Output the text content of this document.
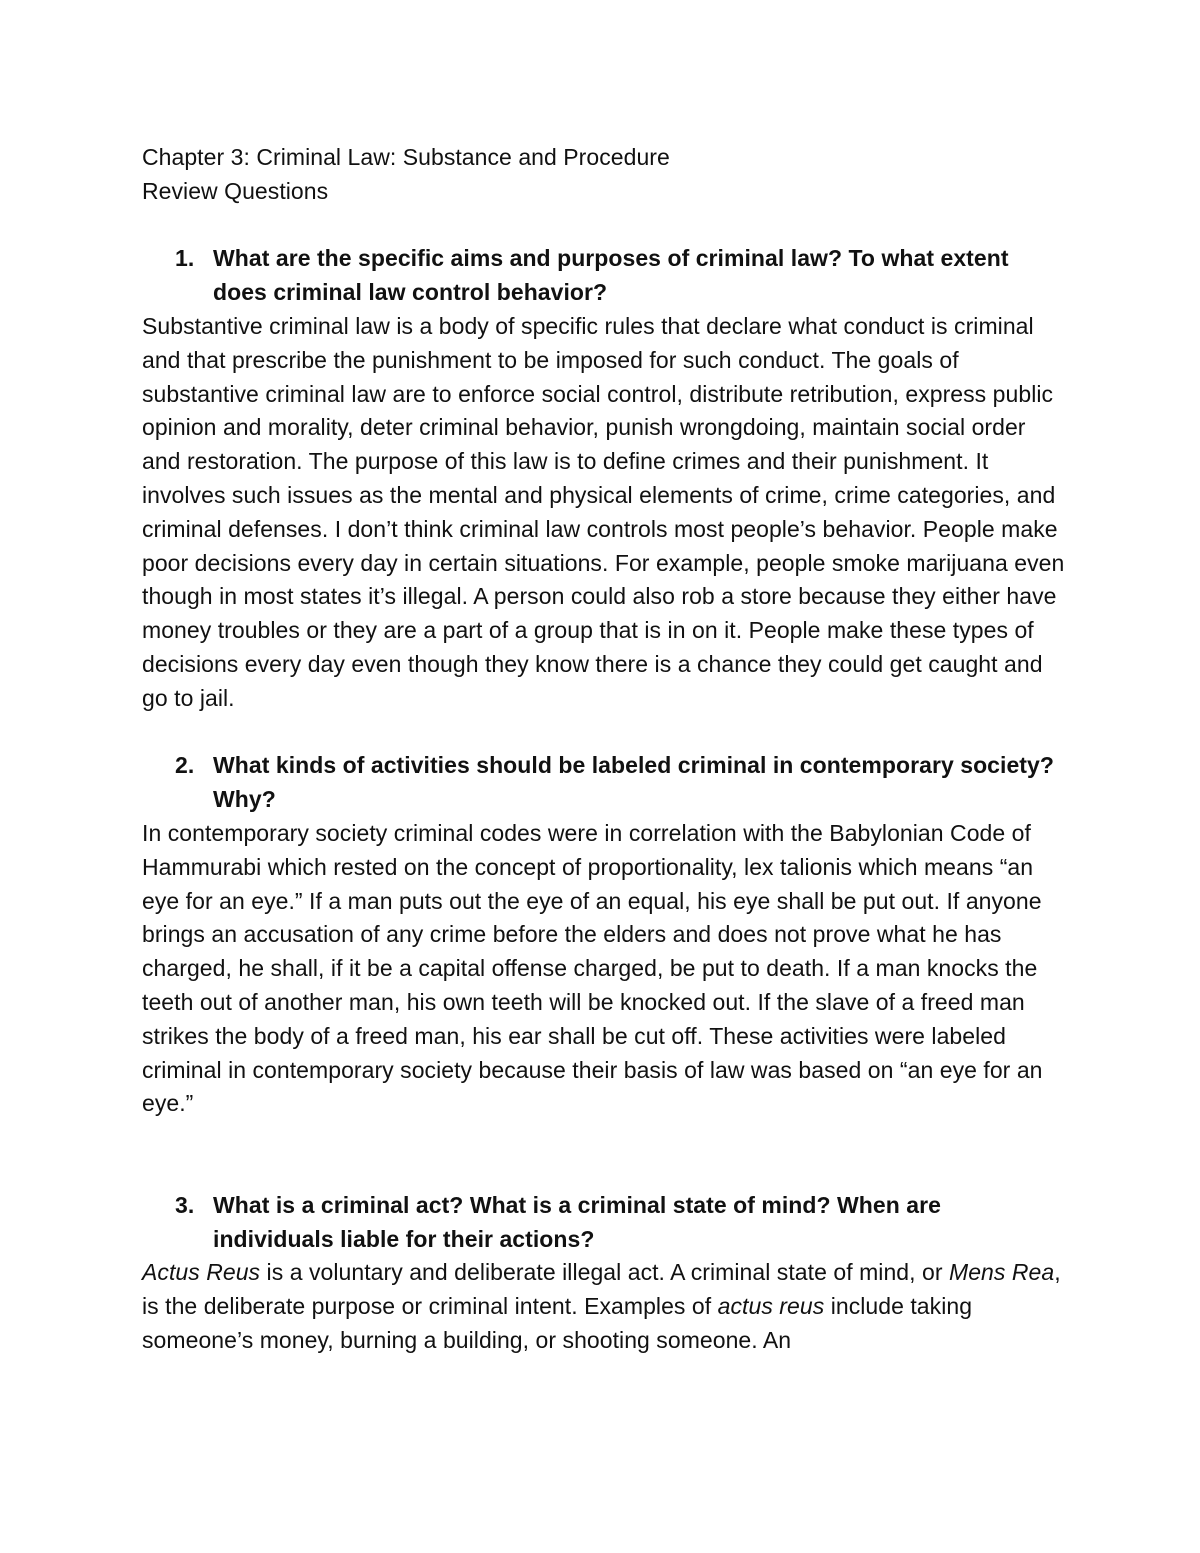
Chapter 3: Criminal Law: Substance and Procedure

Review Questions

1. What are the specific aims and purposes of criminal law? To what extent does criminal law control behavior?

Substantive criminal law is a body of specific rules that declare what conduct is criminal and that prescribe the punishment to be imposed for such conduct. The goals of substantive criminal law are to enforce social control, distribute retribution, express public opinion and morality, deter criminal behavior, punish wrongdoing, maintain social order and restoration. The purpose of this law is to define crimes and their punishment. It involves such issues as the mental and physical elements of crime, crime categories, and criminal defenses. I don’t think criminal law controls most people’s behavior. People make poor decisions every day in certain situations. For example, people smoke marijuana even though in most states it’s illegal. A person could also rob a store because they either have money troubles or they are a part of a group that is in on it. People make these types of decisions every day even though they know there is a chance they could get caught and go to jail.

2. What kinds of activities should be labeled criminal in contemporary society? Why?

In contemporary society criminal codes were in correlation with the Babylonian Code of Hammurabi which rested on the concept of proportionality, lex talionis which means “an eye for an eye.” If a man puts out the eye of an equal, his eye shall be put out. If anyone brings an accusation of any crime before the elders and does not prove what he has charged, he shall, if it be a capital offense charged, be put to death. If a man knocks the teeth out of another man, his own teeth will be knocked out. If the slave of a freed man strikes the body of a freed man, his ear shall be cut off. These activities were labeled criminal in contemporary society because their basis of law was based on “an eye for an eye.”

3. What is a criminal act? What is a criminal state of mind? When are individuals liable for their actions?

Actus Reus is a voluntary and deliberate illegal act. A criminal state of mind, or Mens Rea, is the deliberate purpose or criminal intent. Examples of actus reus include taking someone’s money, burning a building, or shooting someone. An
